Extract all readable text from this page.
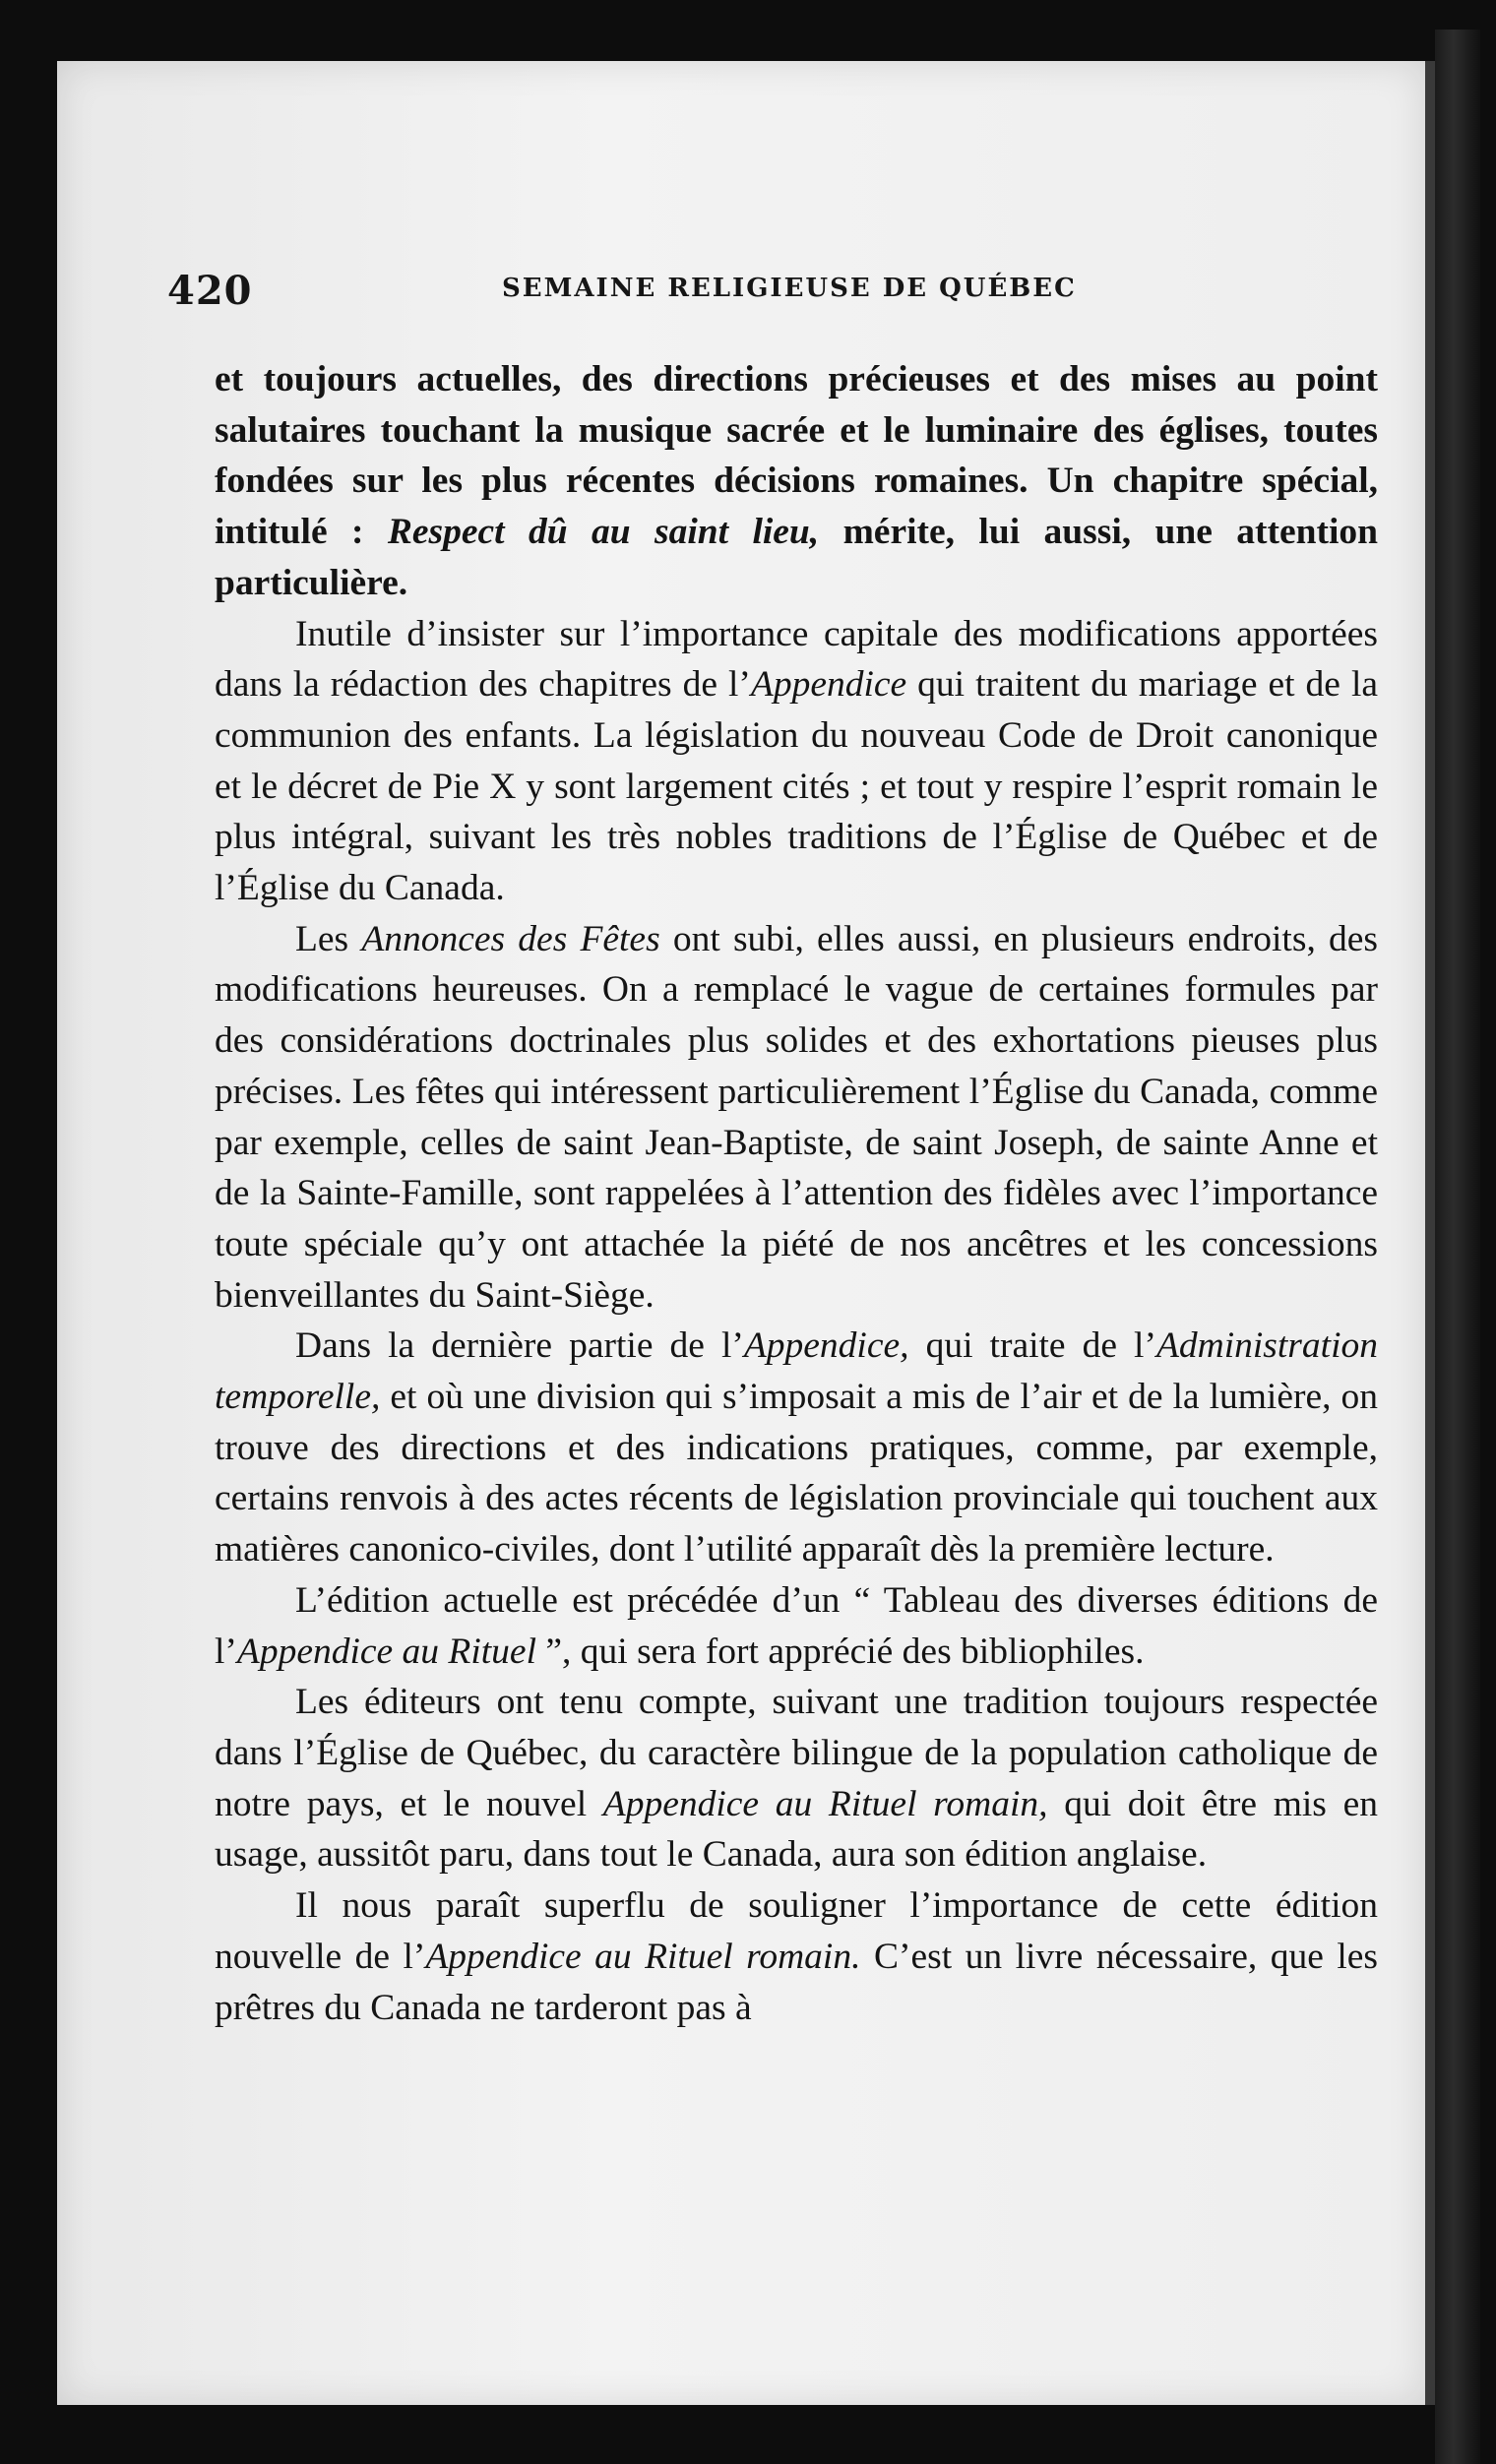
420	SEMAINE RELIGIEUSE DE QUÉBEC

et toujours actuelles, des directions précieuses et des mises au point salutaires touchant la musique sacrée et le luminaire des églises, toutes fondées sur les plus récentes décisions romaines. Un chapitre spécial, intitulé : Respect dû au saint lieu, mérite, lui aussi, une attention particulière.

Inutile d’insister sur l’importance capitale des modifications apportées dans la rédaction des chapitres de l’Appendice qui traitent du mariage et de la communion des enfants. La législation du nouveau Code de Droit canonique et le décret de Pie X y sont largement cités ; et tout y respire l’esprit romain le plus intégral, suivant les très nobles traditions de l’Église de Québec et de l’Église du Canada.

Les Annonces des Fêtes ont subi, elles aussi, en plusieurs endroits, des modifications heureuses. On a remplacé le vague de certaines formules par des considérations doctrinales plus solides et des exhortations pieuses plus précises. Les fêtes qui intéressent particulièrement l’Église du Canada, comme par exemple, celles de saint Jean-Baptiste, de saint Joseph, de sainte Anne et de la Sainte-Famille, sont rappelées à l’attention des fidèles avec l’importance toute spéciale qu’y ont attachée la piété de nos ancêtres et les concessions bienveillantes du Saint-Siège.

Dans la dernière partie de l’Appendice, qui traite de l’Administration temporelle, et où une division qui s’imposait a mis de l’air et de la lumière, on trouve des directions et des indications pratiques, comme, par exemple, certains renvois à des actes récents de législation provinciale qui touchent aux matières canonico-civiles, dont l’utilité apparaît dès la première lecture.

L’édition actuelle est précédée d’un “ Tableau des diverses éditions de l’Appendice au Rituel ”, qui sera fort apprécié des bibliophiles.

Les éditeurs ont tenu compte, suivant une tradition toujours respectée dans l’Église de Québec, du caractère bilingue de la population catholique de notre pays, et le nouvel Appendice au Rituel romain, qui doit être mis en usage, aussitôt paru, dans tout le Canada, aura son édition anglaise.

Il nous paraît superflu de souligner l’importance de cette édition nouvelle de l’Appendice au Rituel romain. C’est un livre nécessaire, que les prêtres du Canada ne tarderont pas à
